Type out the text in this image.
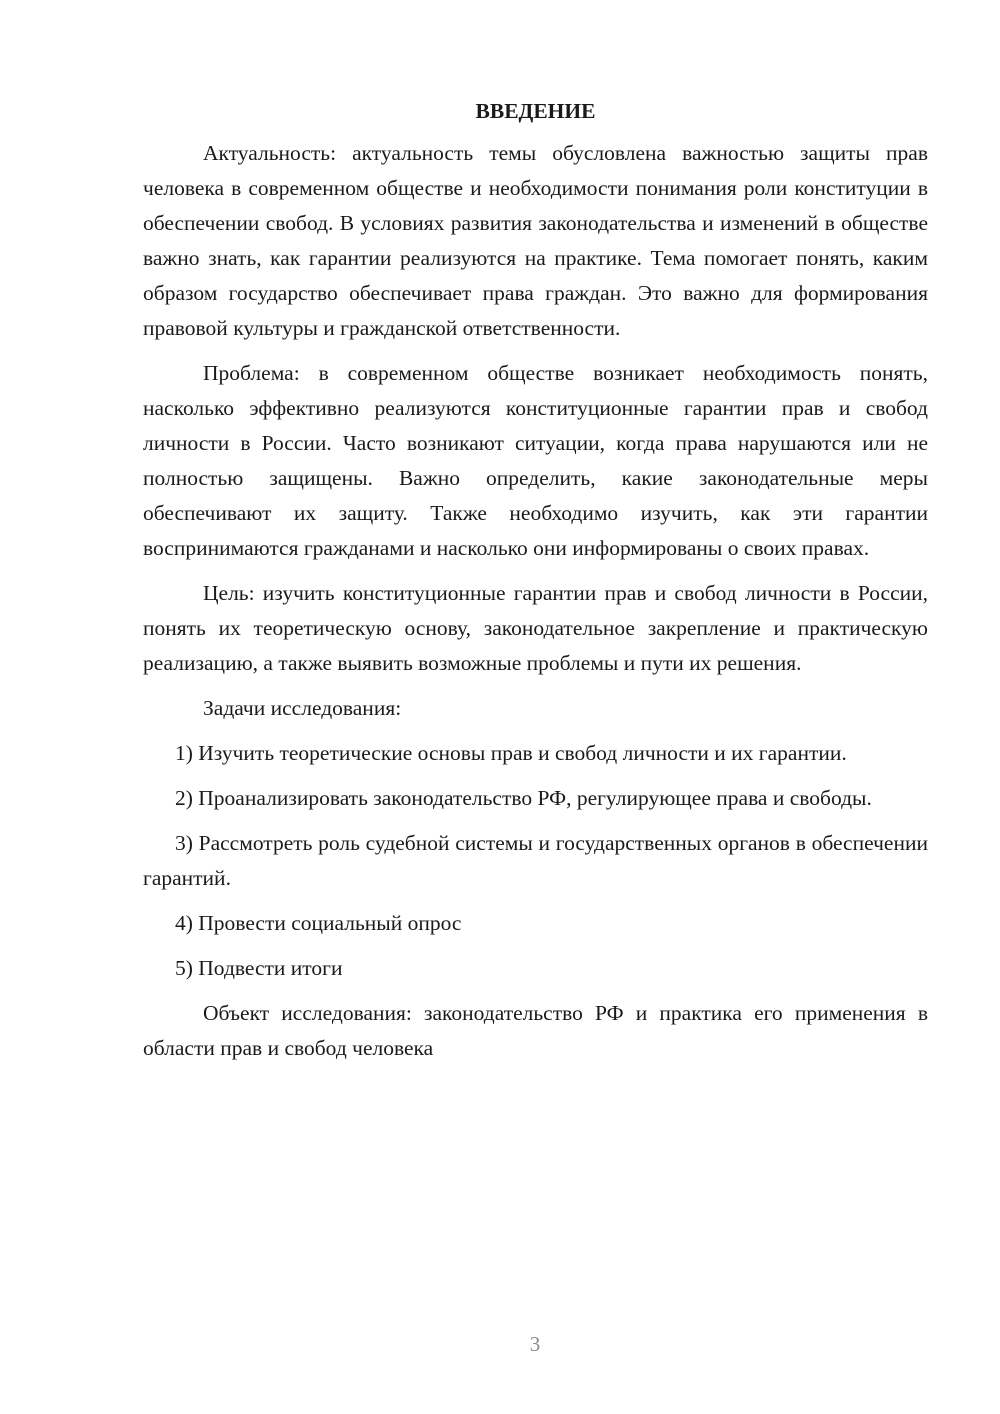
ВВЕДЕНИЕ

Актуальность: актуальность темы обусловлена важностью защиты прав человека в современном обществе и необходимости понимания роли конституции в обеспечении свобод. В условиях развития законодательства и изменений в обществе важно знать, как гарантии реализуются на практике. Тема помогает понять, каким образом государство обеспечивает права граждан. Это важно для формирования правовой культуры и гражданской ответственности.

Проблема: в современном обществе возникает необходимость понять, насколько эффективно реализуются конституционные гарантии прав и свобод личности в России. Часто возникают ситуации, когда права нарушаются или не полностью защищены. Важно определить, какие законодательные меры обеспечивают их защиту. Также необходимо изучить, как эти гарантии воспринимаются гражданами и насколько они информированы о своих правах.

Цель: изучить конституционные гарантии прав и свобод личности в России, понять их теоретическую основу, законодательное закрепление и практическую реализацию, а также выявить возможные проблемы и пути их решения.

Задачи исследования:

1) Изучить теоретические основы прав и свобод личности и их гарантии.

2) Проанализировать законодательство РФ, регулирующее права и свободы.

3) Рассмотреть роль судебной системы и государственных органов в обеспечении гарантий.

4) Провести социальный опрос

5) Подвести итоги

Объект исследования: законодательство РФ и практика его применения в области прав и свобод человека

3
